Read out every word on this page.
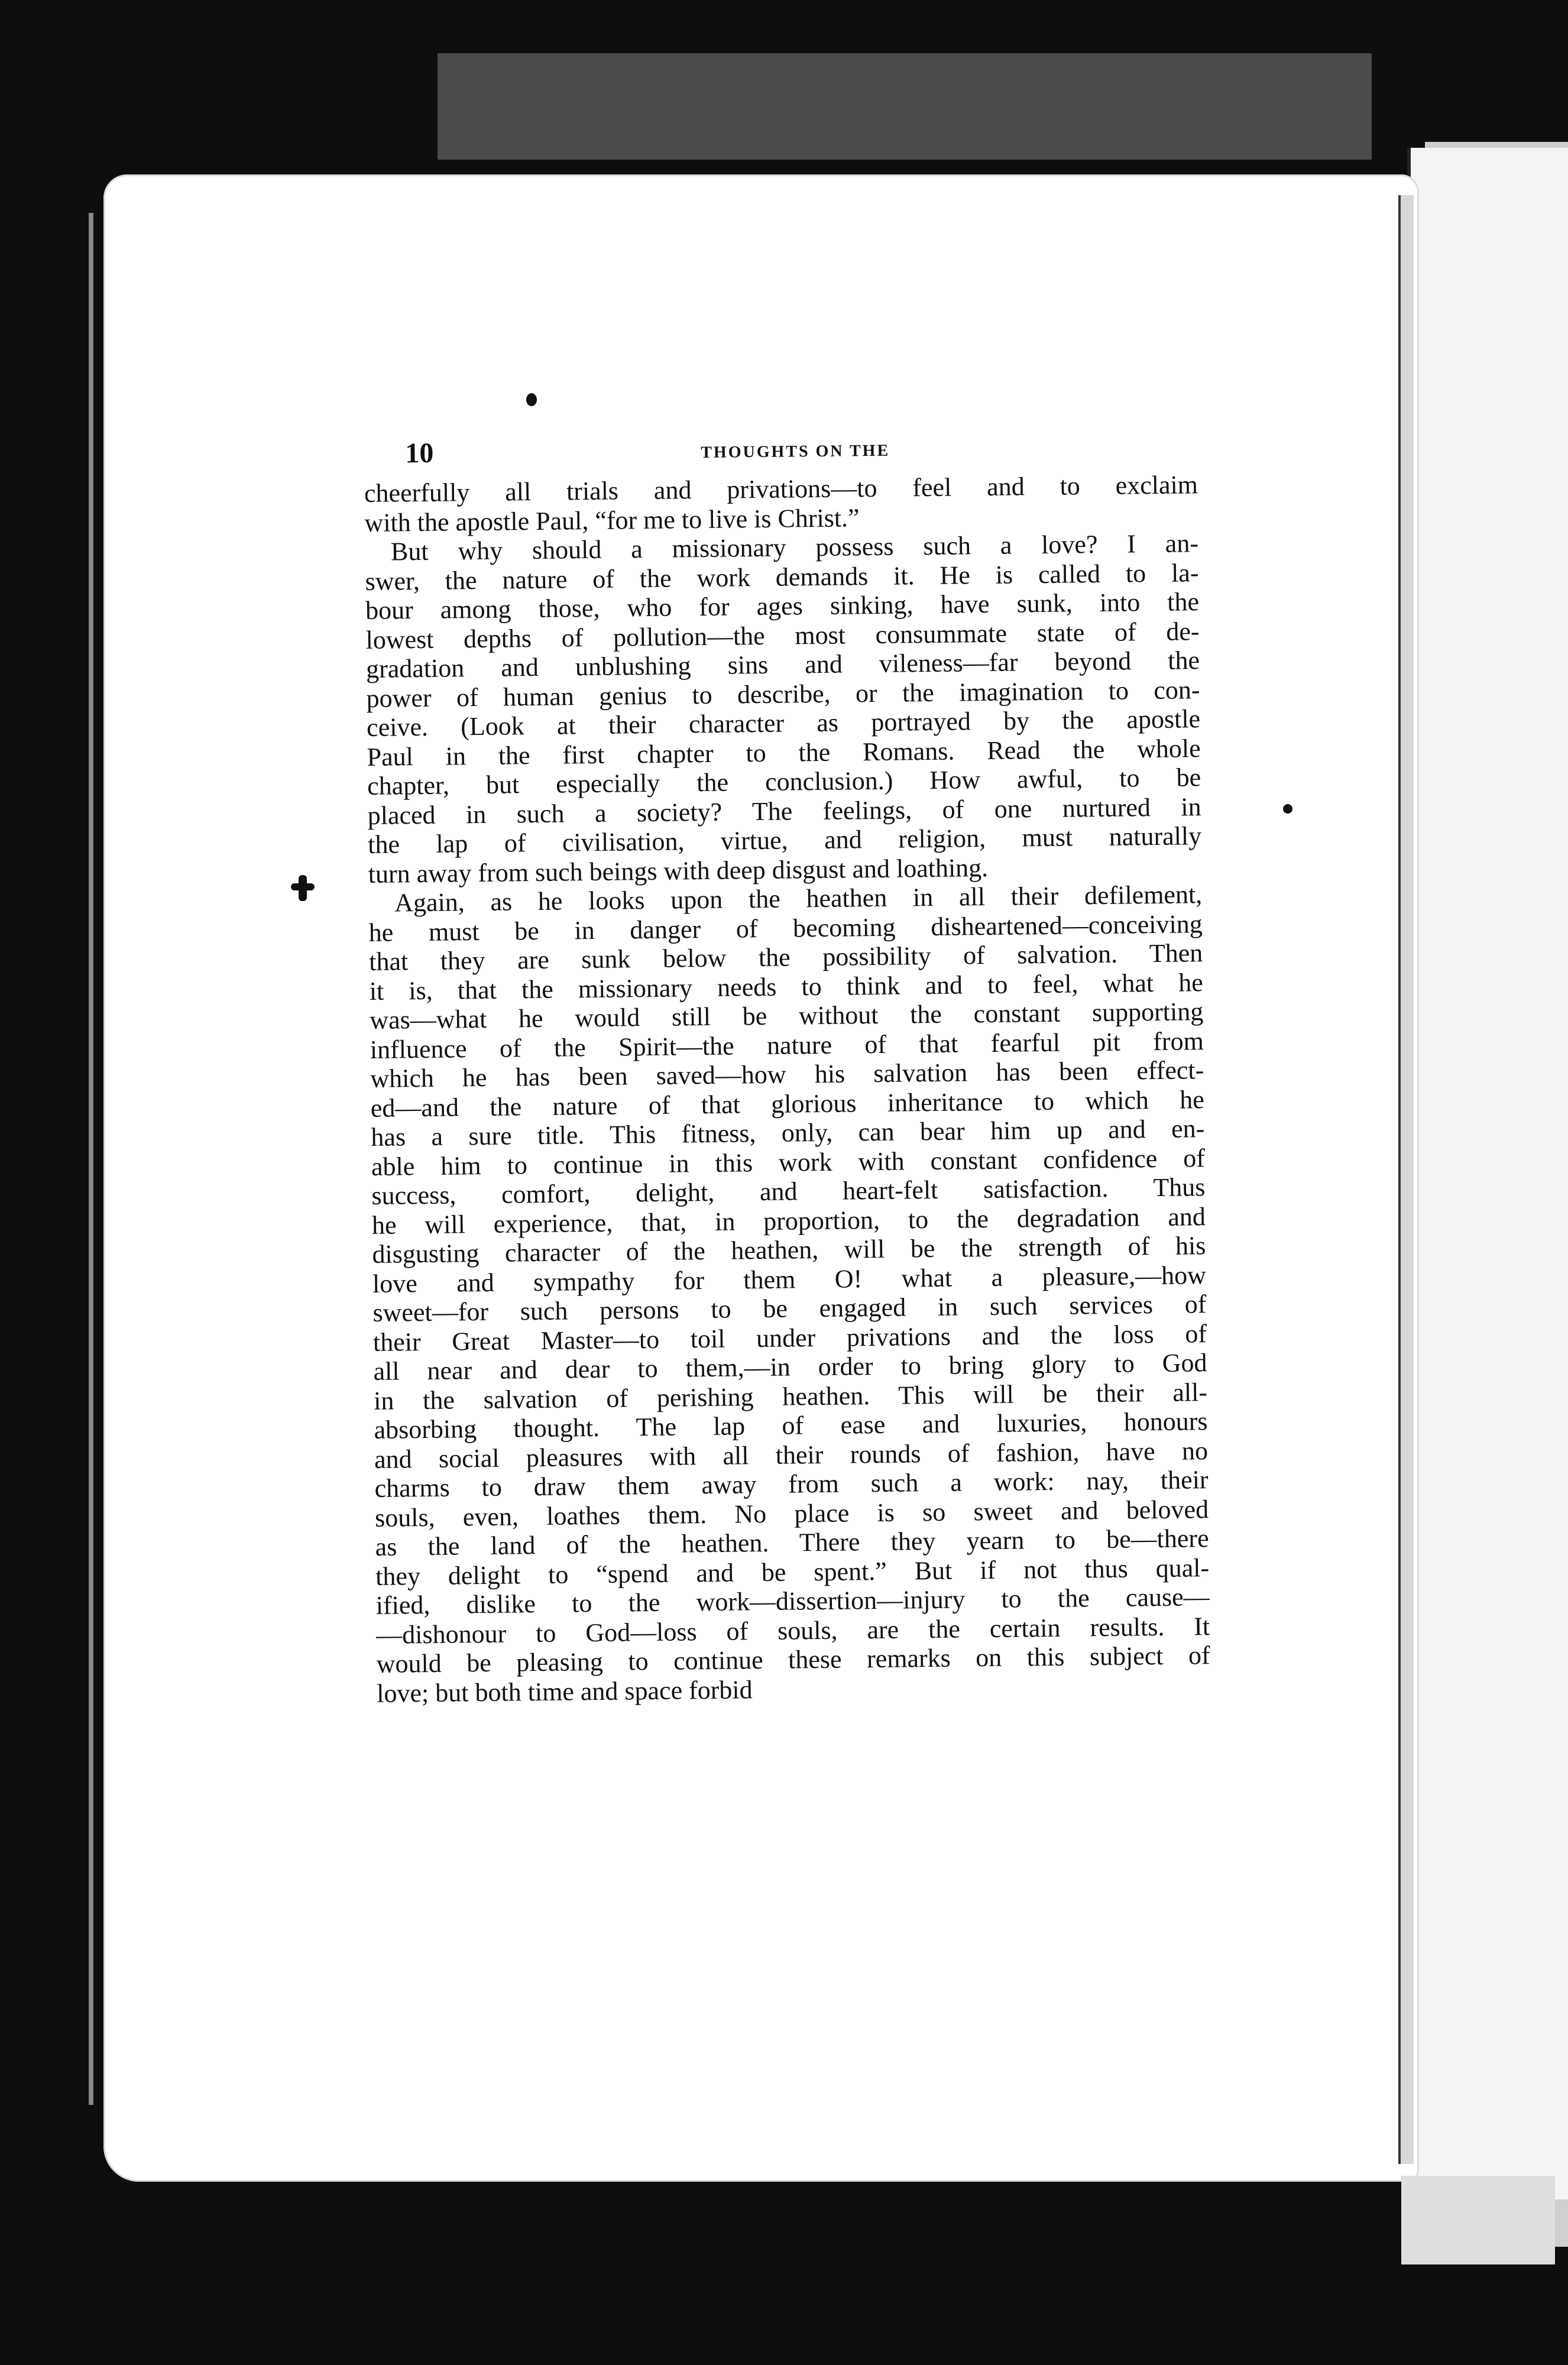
10	THOUGHTS ON THE
cheerfully all trials and privations—to feel and to exclaim
with the apostle Paul, “for me to live is Christ.”
But why should a missionary possess such a love? I an-
swer, the nature of the work demands it. He is called to la-
bour among those, who for ages sinking, have sunk, into the
lowest depths of pollution—the most consummate state of de-
gradation and unblushing sins and vileness—far beyond the
power of human genius to describe, or the imagination to con-
ceive. (Look at their character as portrayed by the apostle
Paul in the first chapter to the Romans. Read the whole
chapter, but especially the conclusion.) How awful, to be
placed in such a society? The feelings, of one nurtured in
the lap of civilisation, virtue, and religion, must naturally
turn away from such beings with deep disgust and loathing.
Again, as he looks upon the heathen in all their defilement,
he must be in danger of becoming disheartened—conceiving
that they are sunk below the possibility of salvation. Then
it is, that the missionary needs to think and to feel, what he
was—what he would still be without the constant supporting
influence of the Spirit—the nature of that fearful pit from
which he has been saved—how his salvation has been effect-
ed—and the nature of that glorious inheritance to which he
has a sure title. This fitness, only, can bear him up and en-
able him to continue in this work with constant confidence of
success, comfort, delight, and heart-felt satisfaction. Thus
he will experience, that, in proportion, to the degradation and
disgusting character of the heathen, will be the strength of his
love and sympathy for them O! what a pleasure,—how
sweet—for such persons to be engaged in such services of
their Great Master—to toil under privations and the loss of
all near and dear to them,—in order to bring glory to God
in the salvation of perishing heathen. This will be their all-
absorbing thought. The lap of ease and luxuries, honours
and social pleasures with all their rounds of fashion, have no
charms to draw them away from such a work: nay, their
souls, even, loathes them. No place is so sweet and beloved
as the land of the heathen. There they yearn to be—there
they delight to “spend and be spent.” But if not thus qual-
ified, dislike to the work—dissertion—injury to the cause—
—dishonour to God—loss of souls, are the certain results. It
would be pleasing to continue these remarks on this subject of
love; but both time and space forbid
